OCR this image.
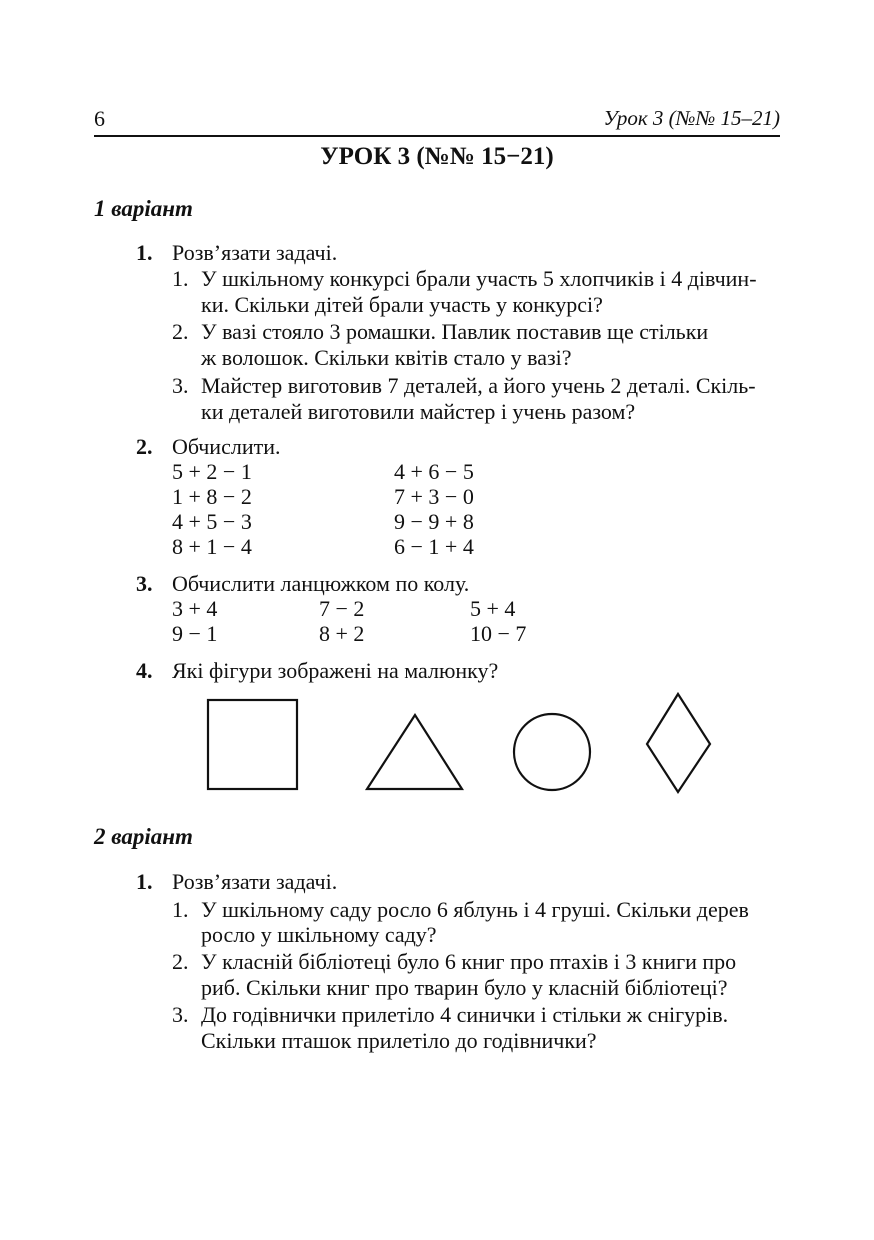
6	Урок 3 (№№ 15–21)
УРОК 3 (№№ 15−21)
1 варіант
1. Розв’язати задачі.
1. У шкільному конкурсі брали участь 5 хлопчиків і 4 дівчин-
ки. Скільки дітей брали участь у конкурсі?
2. У вазі стояло 3 ромашки. Павлик поставив ще стільки
ж волошок. Скільки квітів стало у вазі?
3. Майстер виготовив 7 деталей, а його учень 2 деталі. Скіль-
ки деталей виготовили майстер і учень разом?
2. Обчислити.
5 + 2 − 1
1 + 8 − 2
4 + 5 − 3
8 + 1 − 4
4 + 6 − 5
7 + 3 − 0
9 − 9 + 8
6 − 1 + 4
3. Обчислити ланцюжком по колу.
3 + 4
9 − 1
7 − 2
8 + 2
5 + 4
10 − 7
4. Які фігури зображені на малюнку?
2 варіант
1. Розв’язати задачі.
1. У шкільному саду росло 6 яблунь і 4 груші. Скільки дерев
росло у шкільному саду?
2. У класній бібліотеці було 6 книг про птахів і 3 книги про
риб. Скільки книг про тварин було у класній бібліотеці?
3. До годівнички прилетіло 4 синички і стільки ж снігурів.
Скільки пташок прилетіло до годівнички?
